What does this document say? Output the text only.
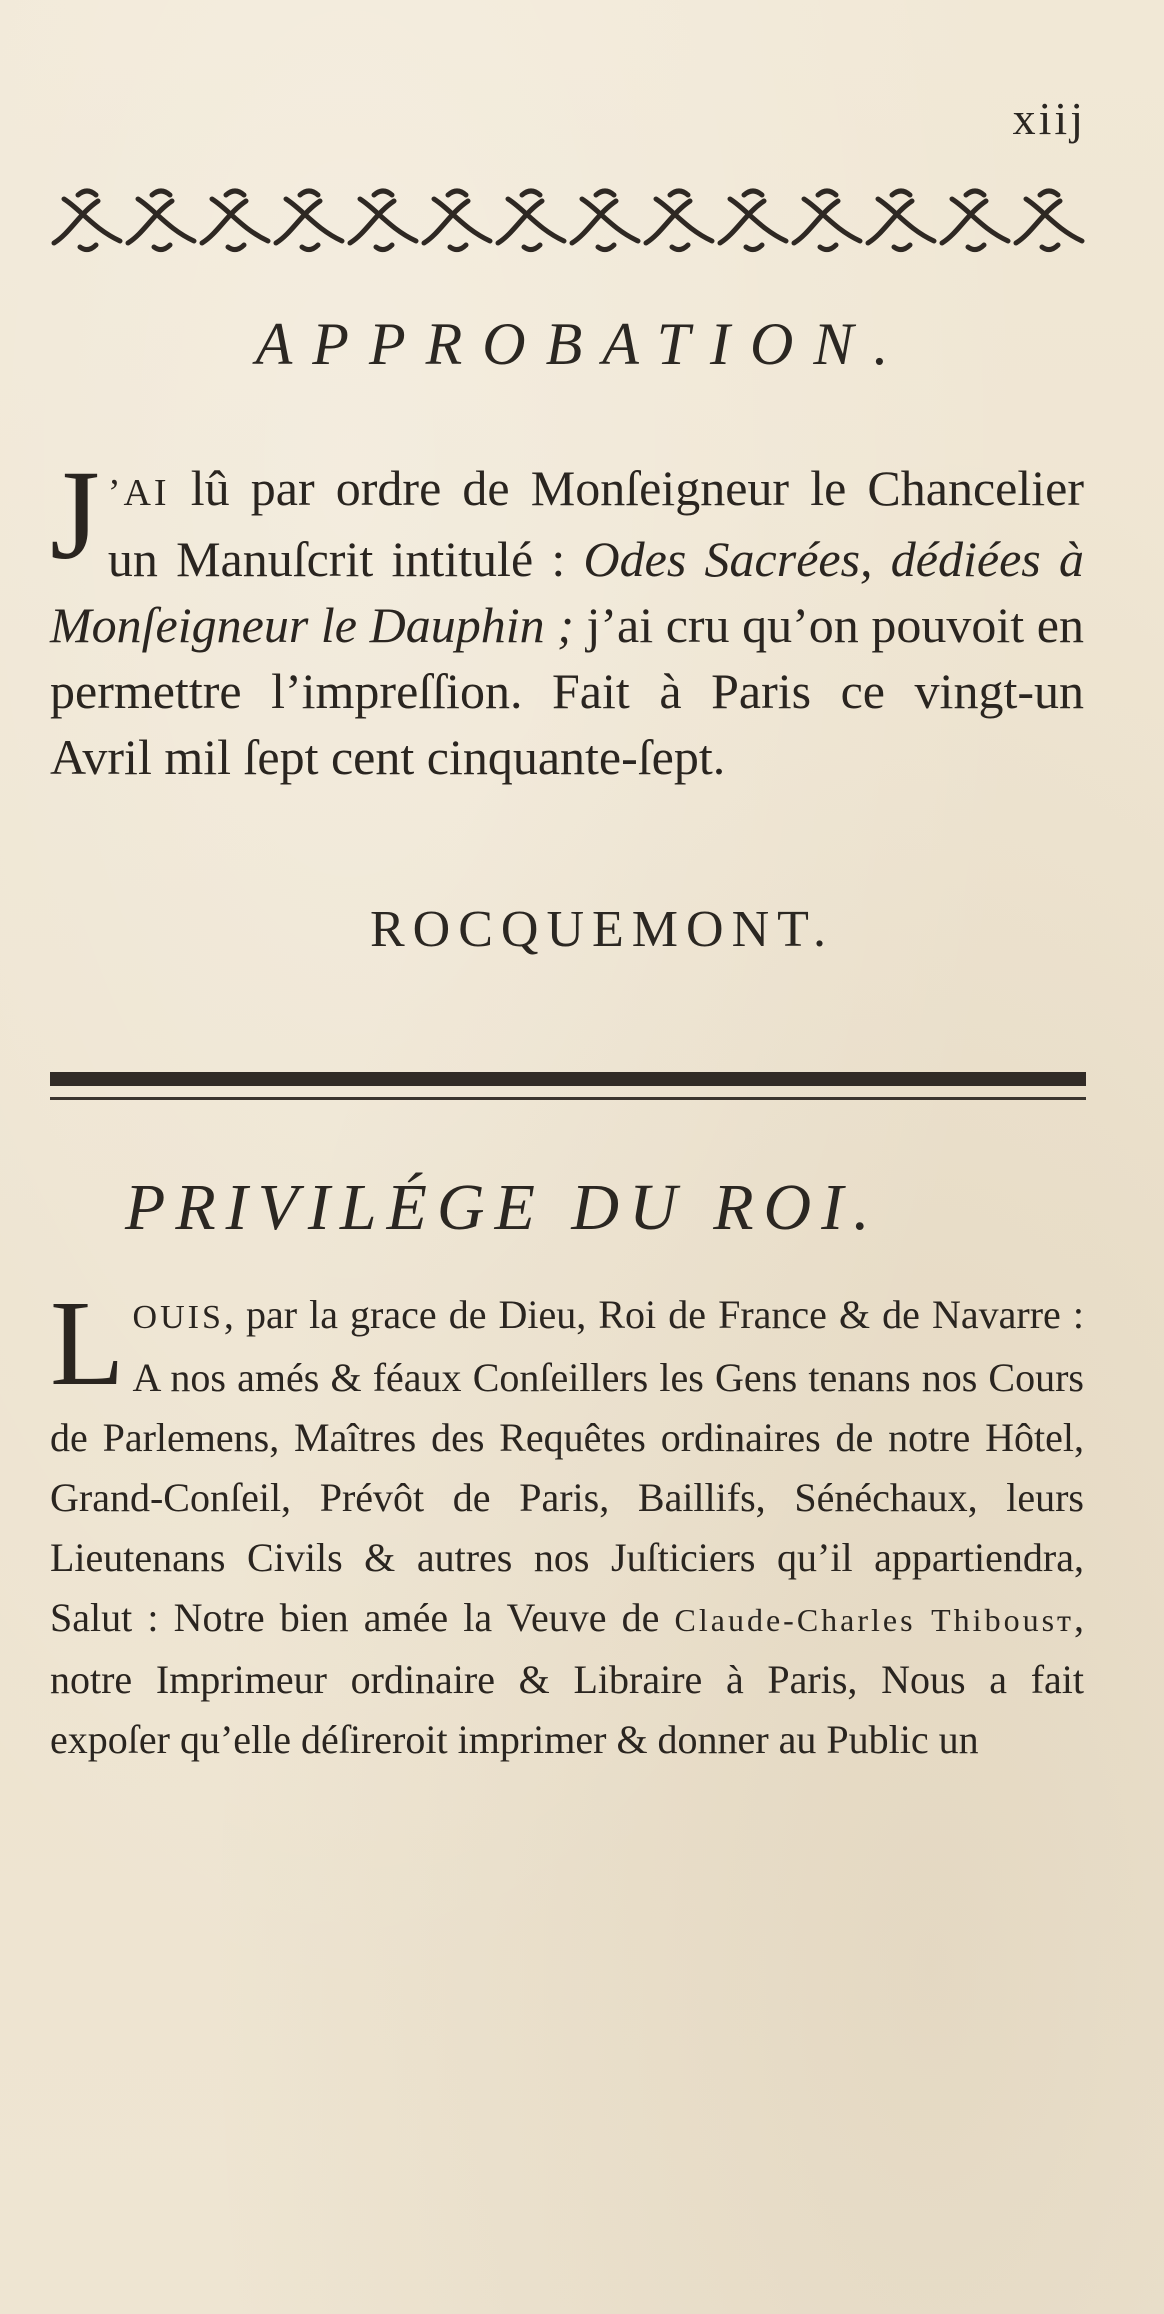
xiij
APPROBATION.
J ’AI lû par ordre de Monſeigneur le Chancelier un Manuſcrit intitulé : Odes Sacrées, dédiées à Monſeigneur le Dauphin ; j’ai cru qu’on pouvoit en permettre l’impreſſion. Fait à Paris ce vingt-un Avril mil ſept cent cinquante-ſept.
ROCQUEMONT.
PRIVILÉGE DU ROI.
LOUIS, par la grace de Dieu, Roi de France & de Navarre : A nos amés & féaux Conſeillers les Gens tenans nos Cours de Parlemens, Maîtres des Requêtes ordinaires de notre Hôtel, Grand-Conſeil, Prévôt de Paris, Baillifs, Sénéchaux, leurs Lieutenans Civils & autres nos Juſticiers qu’il appartiendra, Salut : Notre bien amée la Veuve de Claude-Charles Thibousт, notre Imprimeur ordinaire & Libraire à Paris, Nous a fait expoſer qu’elle déſireroit imprimer & donner au Public un
